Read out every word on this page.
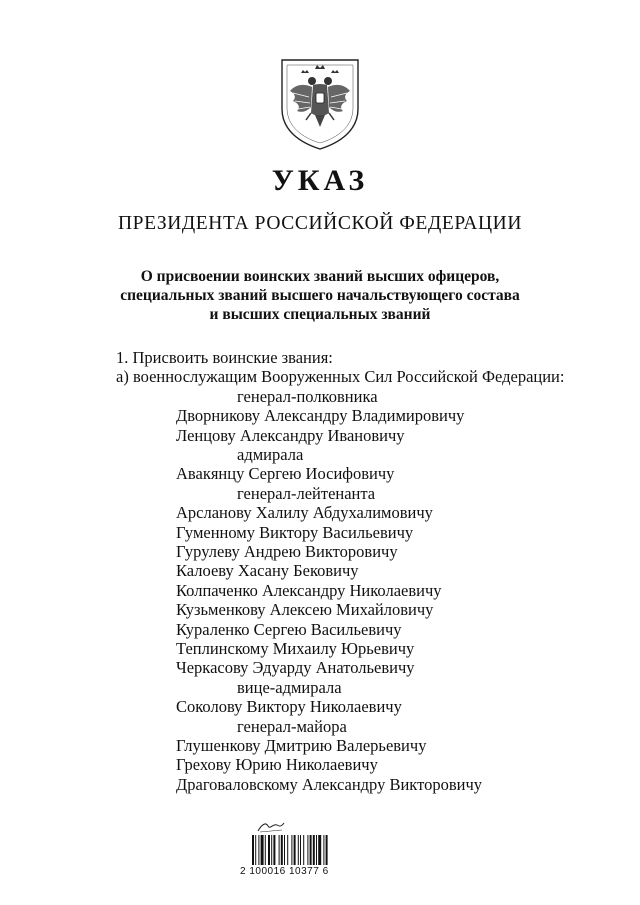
УКАЗ
ПРЕЗИДЕНТА РОССИЙСКОЙ ФЕДЕРАЦИИ
О присвоении воинских званий высших офицеров,
специальных званий высшего начальствующего состава
и высших специальных званий
1. Присвоить воинские звания:
а) военнослужащим Вооруженных Сил Российской Федерации:
генерал-полковника
Дворникову Александру Владимировичу
Ленцову Александру Ивановичу
адмирала
Авакянцу Сергею Иосифовичу
генерал-лейтенанта
Арсланову Халилу Абдухалимовичу
Гуменному Виктору Васильевичу
Гурулеву Андрею Викторовичу
Калоеву Хасану Бековичу
Колпаченко Александру Николаевичу
Кузьменкову Алексею Михайловичу
Кураленко Сергею Васильевичу
Теплинскому Михаилу Юрьевичу
Черкасову Эдуарду Анатольевичу
вице-адмирала
Соколову Виктору Николаевичу
генерал-майора
Глушенкову Дмитрию Валерьевичу
Грехову Юрию Николаевичу
Драговаловскому Александру Викторовичу
2 100016 10377 6
